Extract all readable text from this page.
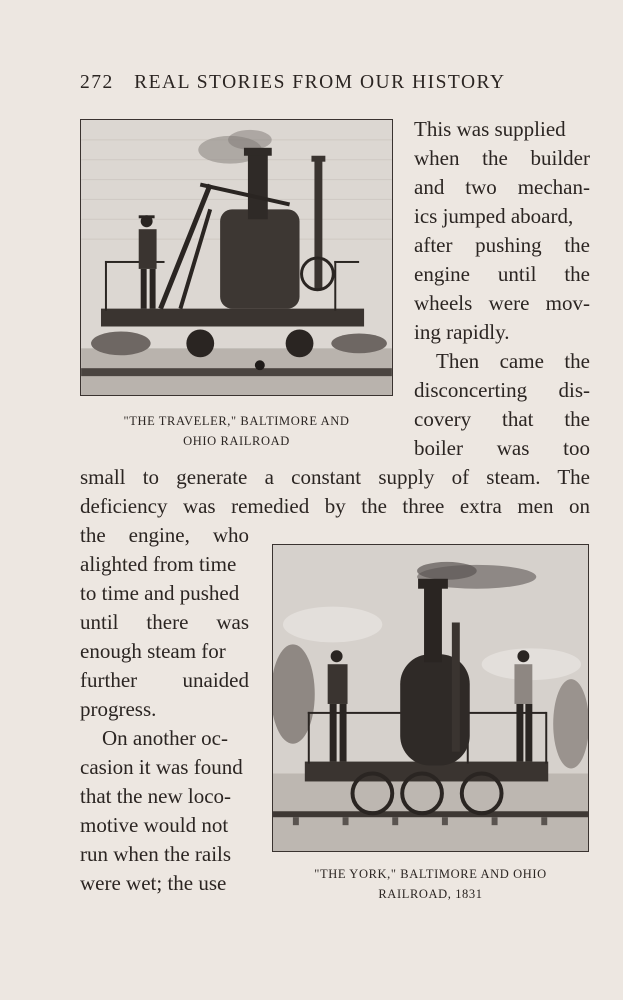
272 REAL STORIES FROM OUR HISTORY
"THE TRAVELER," BALTIMORE AND
OHIO RAILROAD
This was supplied
when the builder
and two mechan-
ics jumped aboard,
after pushing the
engine until the
wheels were mov-
ing rapidly.
Then came the
disconcerting dis-
covery that the
boiler was too
small to generate a constant supply of steam. The
deficiency was remedied by the three extra men on
the engine, who
alighted from time
to time and pushed
until there was
enough steam for
further unaided
progress.
On another oc-
casion it was found
that the new loco-
motive would not
run when the rails
were wet; the use	"THE YORK," BALTIMORE AND OHIO
RAILROAD, 1831
